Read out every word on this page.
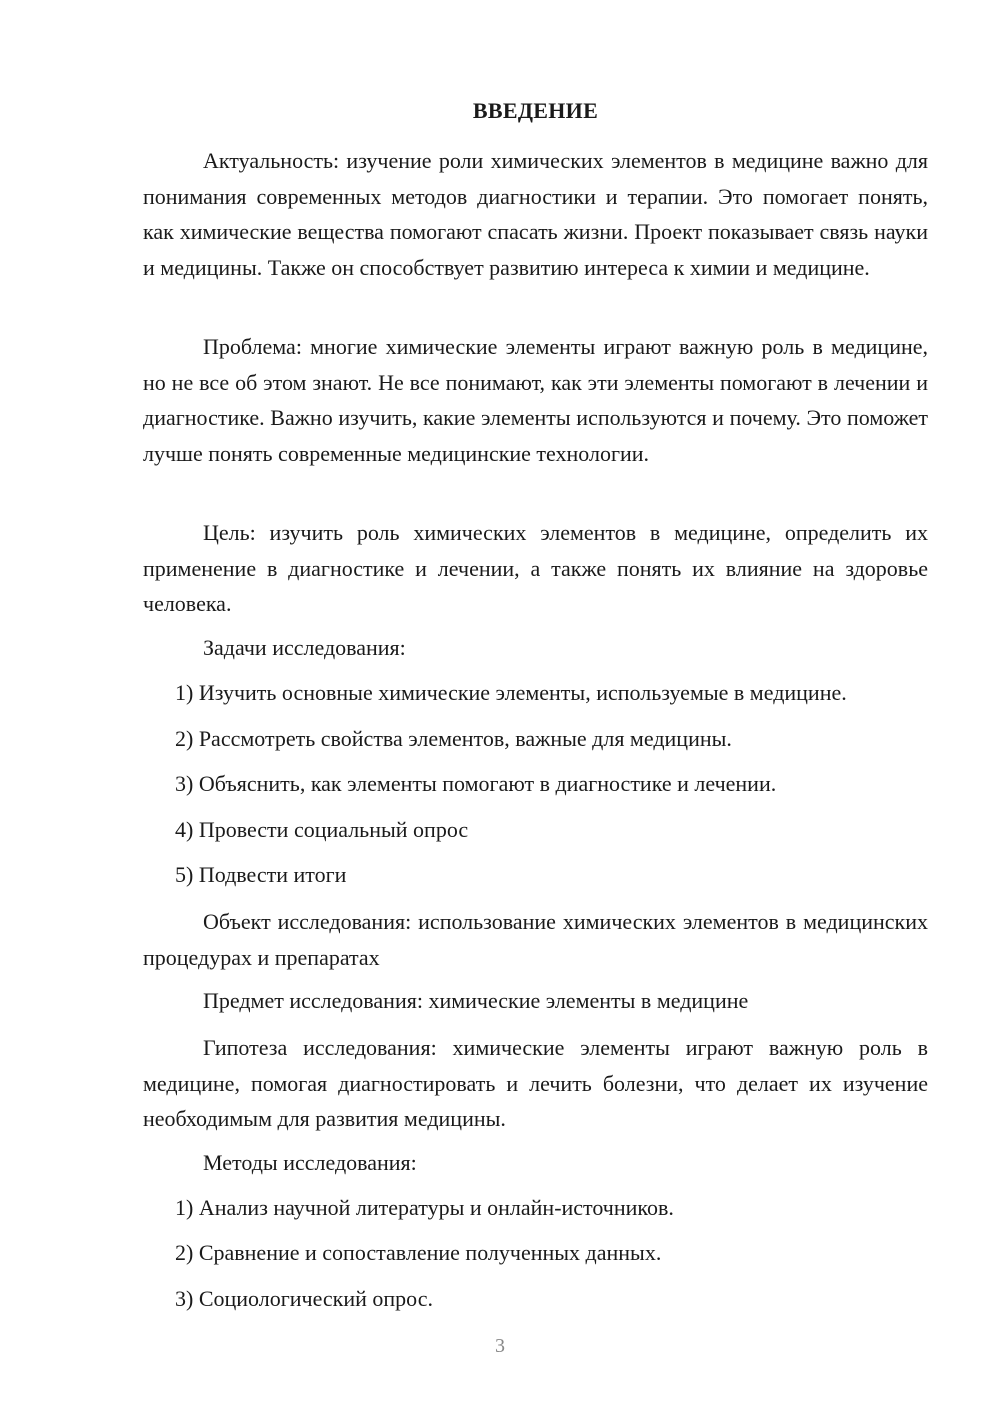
ВВЕДЕНИЕ

Актуальность: изучение роли химических элементов в медицине важно для понимания современных методов диагностики и терапии. Это помогает понять, как химические вещества помогают спасать жизни. Проект показывает связь науки и медицины. Также он способствует развитию интереса к химии и медицине.

Проблема: многие химические элементы играют важную роль в медицине, но не все об этом знают. Не все понимают, как эти элементы помогают в лечении и диагностике. Важно изучить, какие элементы используются и почему. Это поможет лучше понять современные медицинские технологии.

Цель: изучить роль химических элементов в медицине, определить их применение в диагностике и лечении, а также понять их влияние на здоровье человека.

Задачи исследования:

1) Изучить основные химические элементы, используемые в медицине.

2) Рассмотреть свойства элементов, важные для медицины.

3) Объяснить, как элементы помогают в диагностике и лечении.

4) Провести социальный опрос

5) Подвести итоги

Объект исследования: использование химических элементов в медицинских процедурах и препаратах

Предмет исследования: химические элементы в медицине

Гипотеза исследования: химические элементы играют важную роль в медицине, помогая диагностировать и лечить болезни, что делает их изучение необходимым для развития медицины.

Методы исследования:

1) Анализ научной литературы и онлайн-источников.

2) Сравнение и сопоставление полученных данных.

3) Социологический опрос.

3
